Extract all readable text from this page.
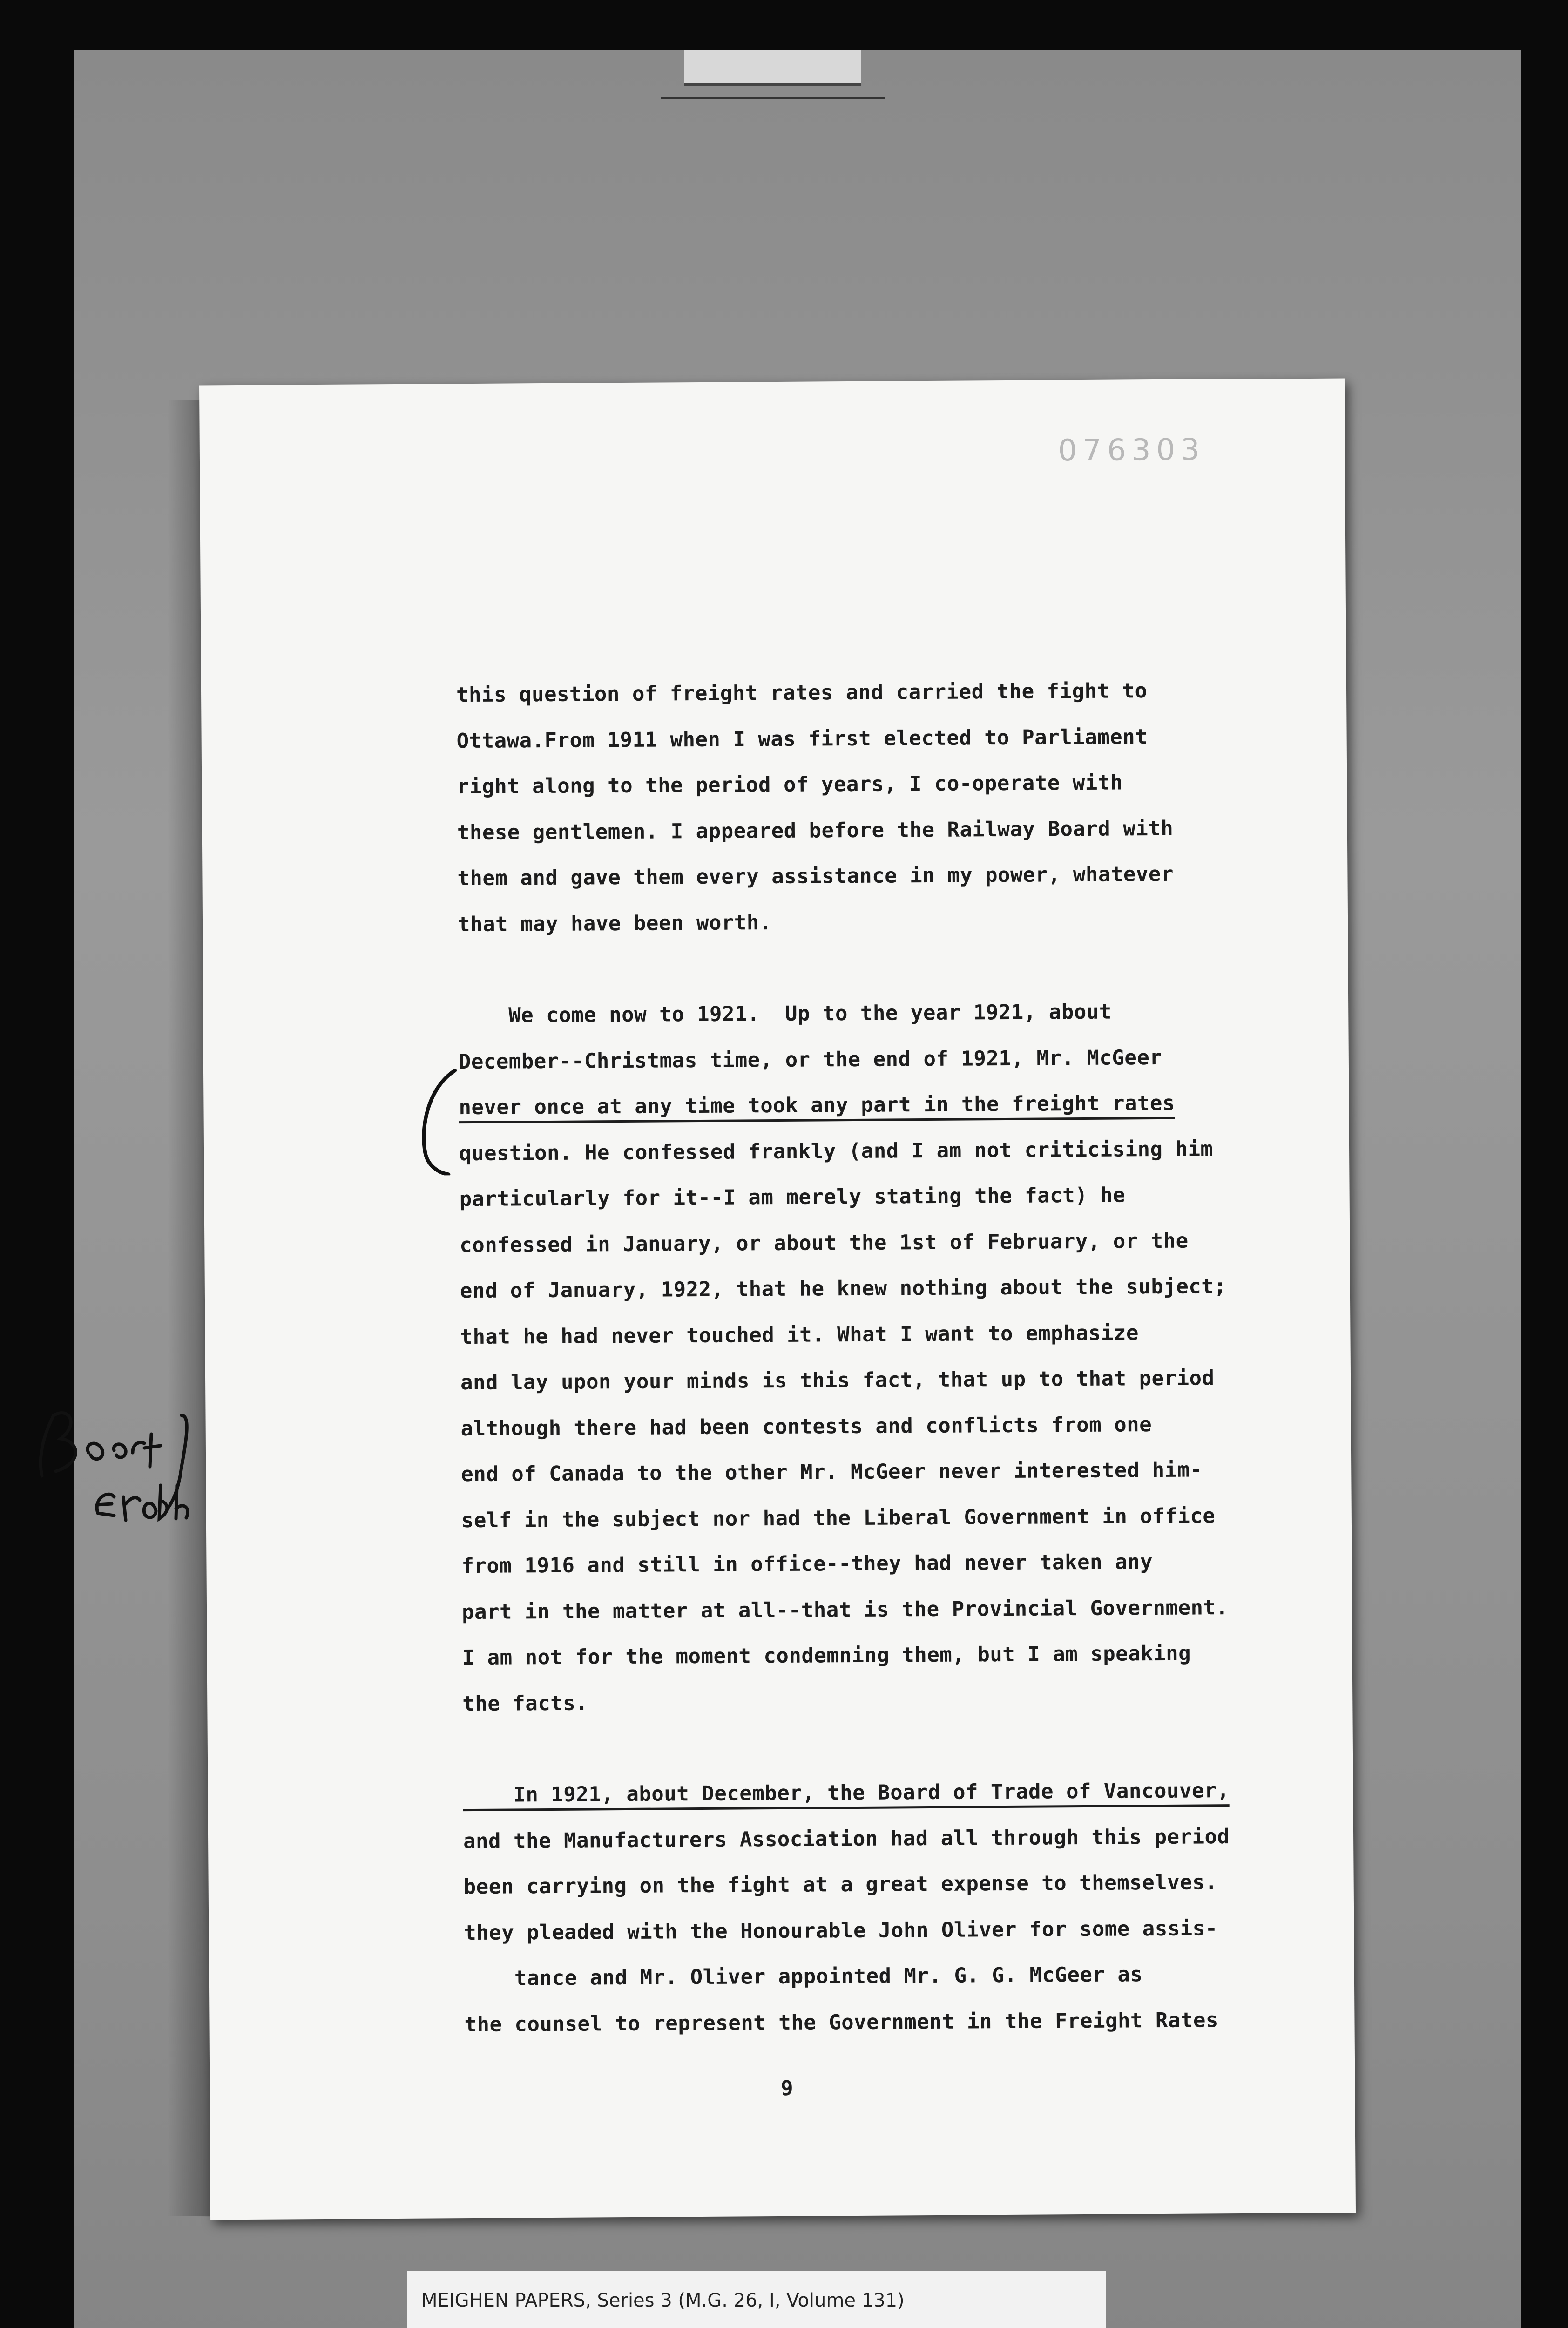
076303

this question of freight rates and carried the fight to
Ottawa.From 1911 when I was first elected to Parliament
right along to the period of years, I co-operate with
these gentlemen. I appeared before the Railway Board with
them and gave them every assistance in my power, whatever
that may have been worth.

We come now to 1921.  Up to the year 1921, about
December--Christmas time, or the end of 1921, Mr. McGeer
never once at any time took any part in the freight rates
question. He confessed frankly (and I am not criticising him
particularly for it--I am merely stating the fact) he
confessed in January, or about the 1st of February, or the
end of January, 1922, that he knew nothing about the subject;
that he had never touched it. What I want to emphasize
and lay upon your minds is this fact, that up to that period
although there had been contests and conflicts from one
end of Canada to the other Mr. McGeer never interested him-
self in the subject nor had the Liberal Government in office
from 1916 and still in office--they had never taken any
part in the matter at all--that is the Provincial Government.
I am not for the moment condemning them, but I am speaking
the facts.

In 1921, about December, the Board of Trade of Vancouver,
and the Manufacturers Association had all through this period
been carrying on the fight at a great expense to themselves.
they pleaded with the Honourable John Oliver for some assis-
tance and Mr. Oliver appointed Mr. G. G. McGeer as
the counsel to represent the Government in the Freight Rates

9
MEIGHEN PAPERS, Series 3 (M.G. 26, I, Volume 131)
